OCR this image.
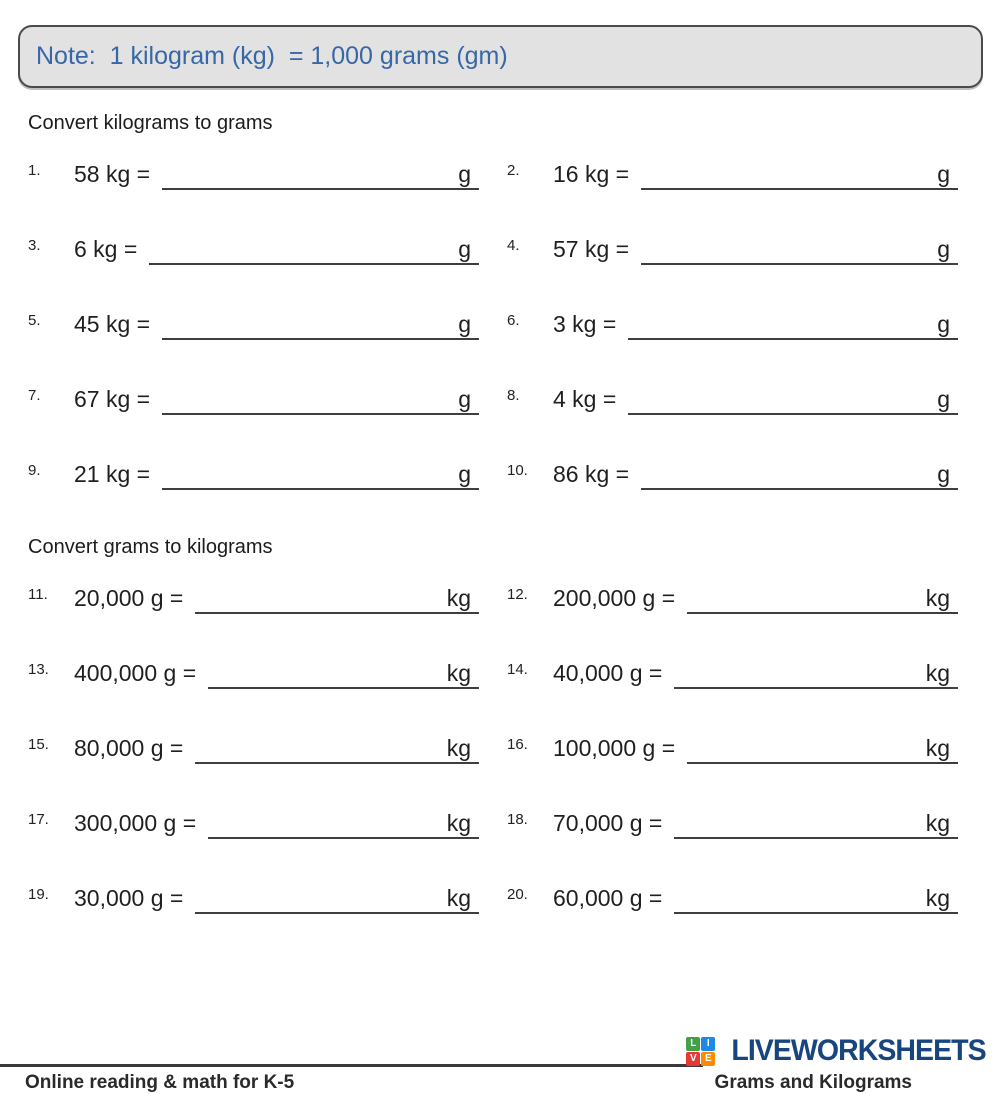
Note:  1 kilogram (kg)  = 1,000 grams (gm)
Convert kilograms to grams
1.	58 kg =	g	2.	16 kg =	g
3.	6 kg =	g	4.	57 kg =	g
5.	45 kg =	g	6.	3 kg =	g
7.	67 kg =	g	8.	4 kg =	g
9.	21 kg =	g	10.	86 kg =	g
Convert grams to kilograms
11.	20,000 g =	kg	12.	200,000 g =	kg
13.	400,000 g =	kg	14.	40,000 g =	kg
15.	80,000 g =	kg	16.	100,000 g =	kg
17.	300,000 g =	kg	18.	70,000 g =	kg
19.	30,000 g =	kg	20.	60,000 g =	kg
L	I
V E LIVEWORKSHEETS
Online reading & math for K-5	Grams and Kilograms
